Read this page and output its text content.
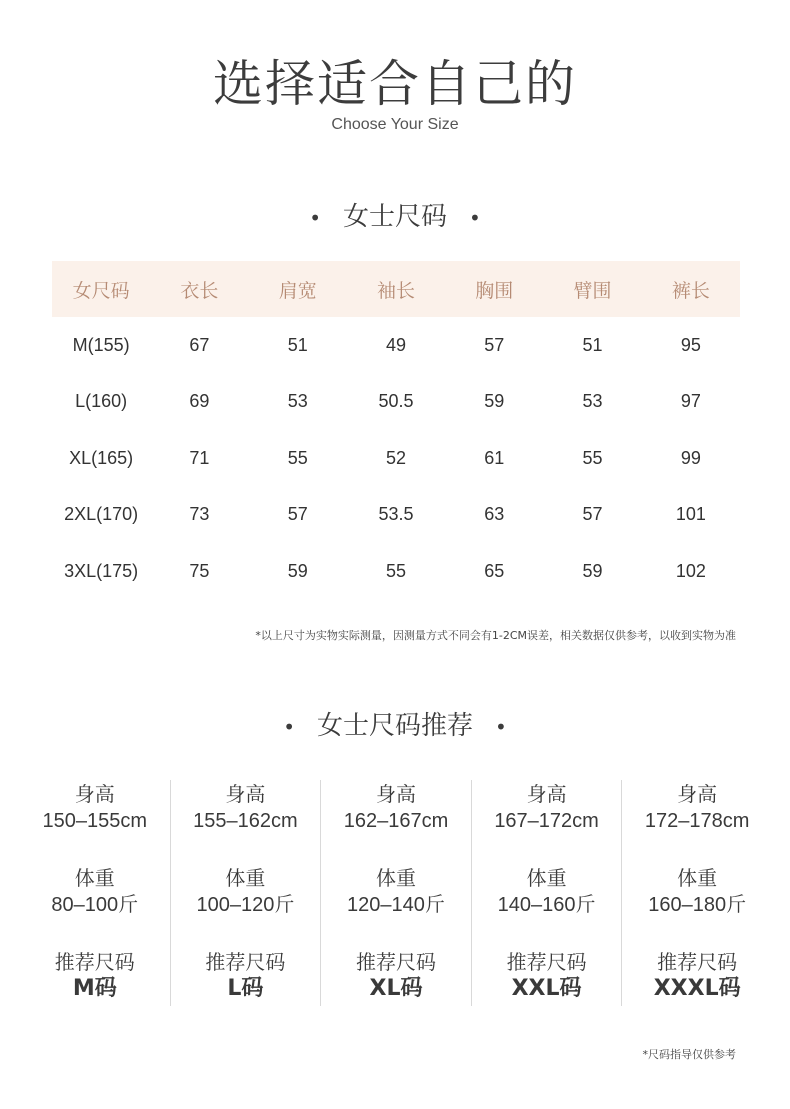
选择适合自己的
Choose Your Size
• 女士尺码 •
女尺码	衣长	肩宽	袖长	胸围	臂围	裤长
M(155)	67	51	49	57	51	95
L(160)	69	53	50.5	59	53	97
XL(165)	71	55	52	61	55	99
2XL(170)	73	57	53.5	63	57	101
3XL(175)	75	59	55	65	59	102
*以上尺寸为实物实际测量，因测量方式不同会有1-2CM误差，相关数据仅供参考，以收到实物为准
• 女士尺码推荐 •
身高
150–155cm
体重
80–100斤
推荐尺码
M码
身高
155–162cm
体重
100–120斤
推荐尺码
L码
身高
162–167cm
体重
120–140斤
推荐尺码
XL码
身高
167–172cm
体重
140–160斤
推荐尺码
XXL码
身高
172–178cm
体重
160–180斤
推荐尺码
XXXL码
*尺码指导仅供参考
